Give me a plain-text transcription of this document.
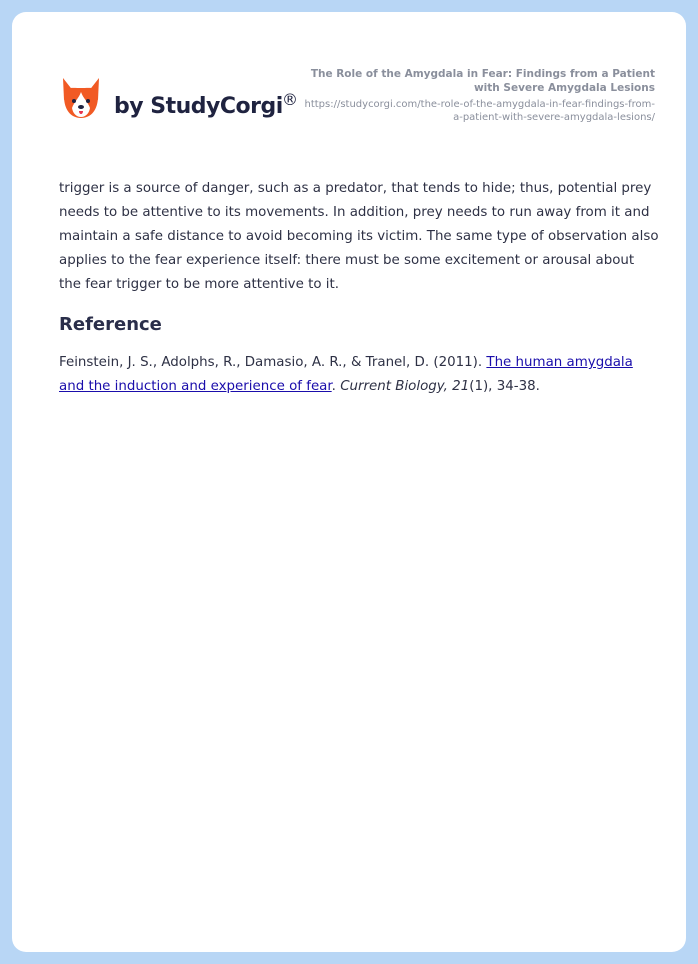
by StudyCorgi ®
The Role of the Amygdala in Fear: Findings from a Patient with Severe Amygdala Lesions
https://studycorgi.com/the-role-of-the-amygdala-in-fear-findings-from-a-patient-with-severe-amygdala-lesions/

trigger is a source of danger, such as a predator, that tends to hide; thus, potential prey needs to be attentive to its movements. In addition, prey needs to run away from it and maintain a safe distance to avoid becoming its victim. The same type of observation also applies to the fear experience itself: there must be some excitement or arousal about the fear trigger to be more attentive to it.

Reference

Feinstein, J. S., Adolphs, R., Damasio, A. R., & Tranel, D. (2011). The human amygdala and the induction and experience of fear. Current Biology, 21(1), 34-38.
